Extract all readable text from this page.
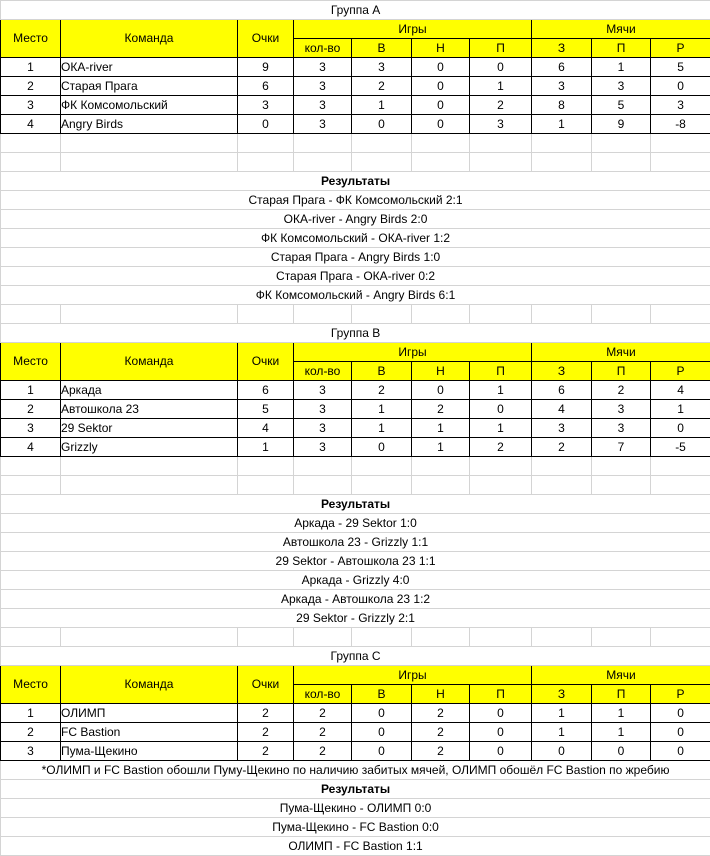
Группа А									
Место	Команда	Очки	Игры				Мячи		
			кол-во	В	Н	П	З	П	Р
1	ОКА-river	9	3	3	0	0	6	1	5
2	Старая Прага	6	3	2	0	1	3	3	0
3	ФК Комсомольский	3	3	1	0	2	8	5	3
4	Angry Birds	0	3	0	0	3	1	9	-8

Результаты									
Старая Прага - ФК Комсомольский 2:1									
ОКА-river - Angry Birds 2:0									
ФК Комсомольский - ОКА-river 1:2									
Старая Прага - Angry Birds 1:0									
Старая Прага - ОКА-river 0:2									
ФК Комсомольский - Angry Birds 6:1									

Группа В									
Место	Команда	Очки	Игры				Мячи		
			кол-во	В	Н	П	З	П	Р
1	Аркада	6	3	2	0	1	6	2	4
2	Автошкола 23	5	3	1	2	0	4	3	1
3	29 Sektor	4	3	1	1	1	3	3	0
4	Grizzly	1	3	0	1	2	2	7	-5

Результаты									
Аркада - 29 Sektor 1:0									
Автошкола 23 - Grizzly 1:1									
29 Sektor - Автошкола 23 1:1									
Аркада - Grizzly 4:0									
Аркада - Автошкола 23 1:2									
29 Sektor - Grizzly 2:1									

Группа С									
Место	Команда	Очки	Игры				Мячи		
			кол-во	В	Н	П	З	П	Р
1	ОЛИМП	2	2	0	2	0	1	1	0
2	FC Bastion	2	2	0	2	0	1	1	0
3	Пума-Щекино	2	2	0	2	0	0	0	0
*ОЛИМП и FC Bastion обошли Пуму-Щекино по наличию забитых мячей, ОЛИМП обошёл FC Bastion по жребию									
Результаты									
Пума-Щекино - ОЛИМП 0:0									
Пума-Щекино - FC Bastion 0:0									
ОЛИМП - FC Bastion 1:1									
